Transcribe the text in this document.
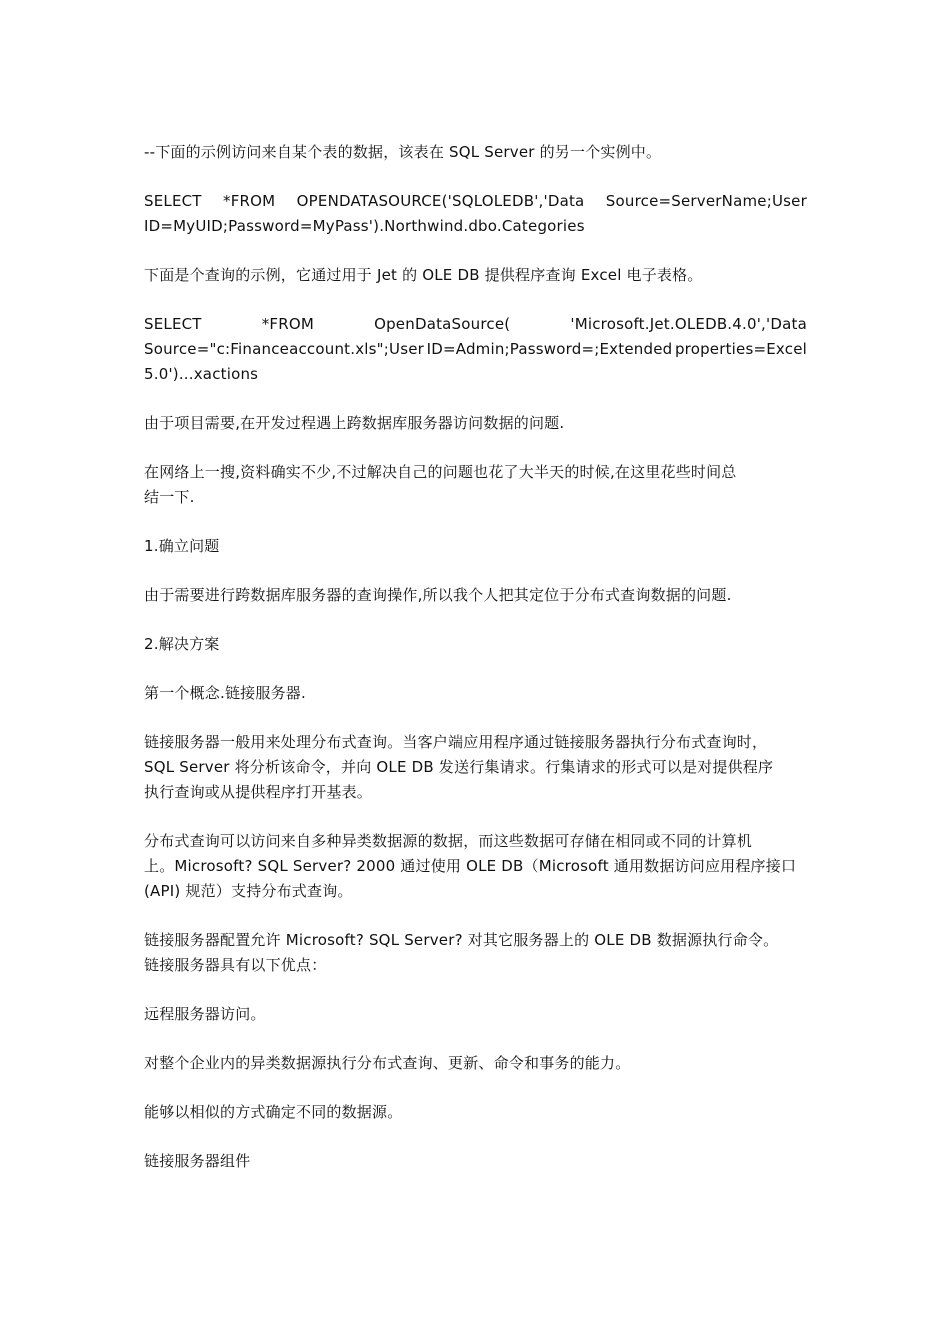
--下面的示例访问来自某个表的数据，该表在 SQL Server 的另一个实例中。
SELECT *FROM OPENDATASOURCE('SQLOLEDB','Data Source=ServerName;User
ID=MyUID;Password=MyPass').Northwind.dbo.Categories
下面是个查询的示例，它通过用于 Jet 的 OLE DB 提供程序查询 Excel 电子表格。
SELECT	*FROM	OpenDataSource(	'Microsoft.Jet.OLEDB.4.0','Data
Source="c:Financeaccount.xls";User ID=Admin;Password=;Extended properties=Excel
5.0')...xactions
由于项目需要,在开发过程遇上跨数据库服务器访问数据的问题.
在网络上一搜,资料确实不少,不过解决自己的问题也花了大半天的时候,在这里花些时间总
结一下.
1.确立问题
由于需要进行跨数据库服务器的查询操作,所以我个人把其定位于分布式查询数据的问题.
2.解决方案
第一个概念.链接服务器.
链接服务器一般用来处理分布式查询。当客户端应用程序通过链接服务器执行分布式查询时，
SQL Server 将分析该命令，并向 OLE DB 发送行集请求。行集请求的形式可以是对提供程序
执行查询或从提供程序打开基表。
分布式查询可以访问来自多种异类数据源的数据，而这些数据可存储在相同或不同的计算机
上。Microsoft? SQL Server? 2000 通过使用 OLE DB（Microsoft 通用数据访问应用程序接口
(API) 规范）支持分布式查询。
链接服务器配置允许 Microsoft? SQL Server? 对其它服务器上的 OLE DB 数据源执行命令。
链接服务器具有以下优点：
远程服务器访问。
对整个企业内的异类数据源执行分布式查询、更新、命令和事务的能力。
能够以相似的方式确定不同的数据源。
链接服务器组件
